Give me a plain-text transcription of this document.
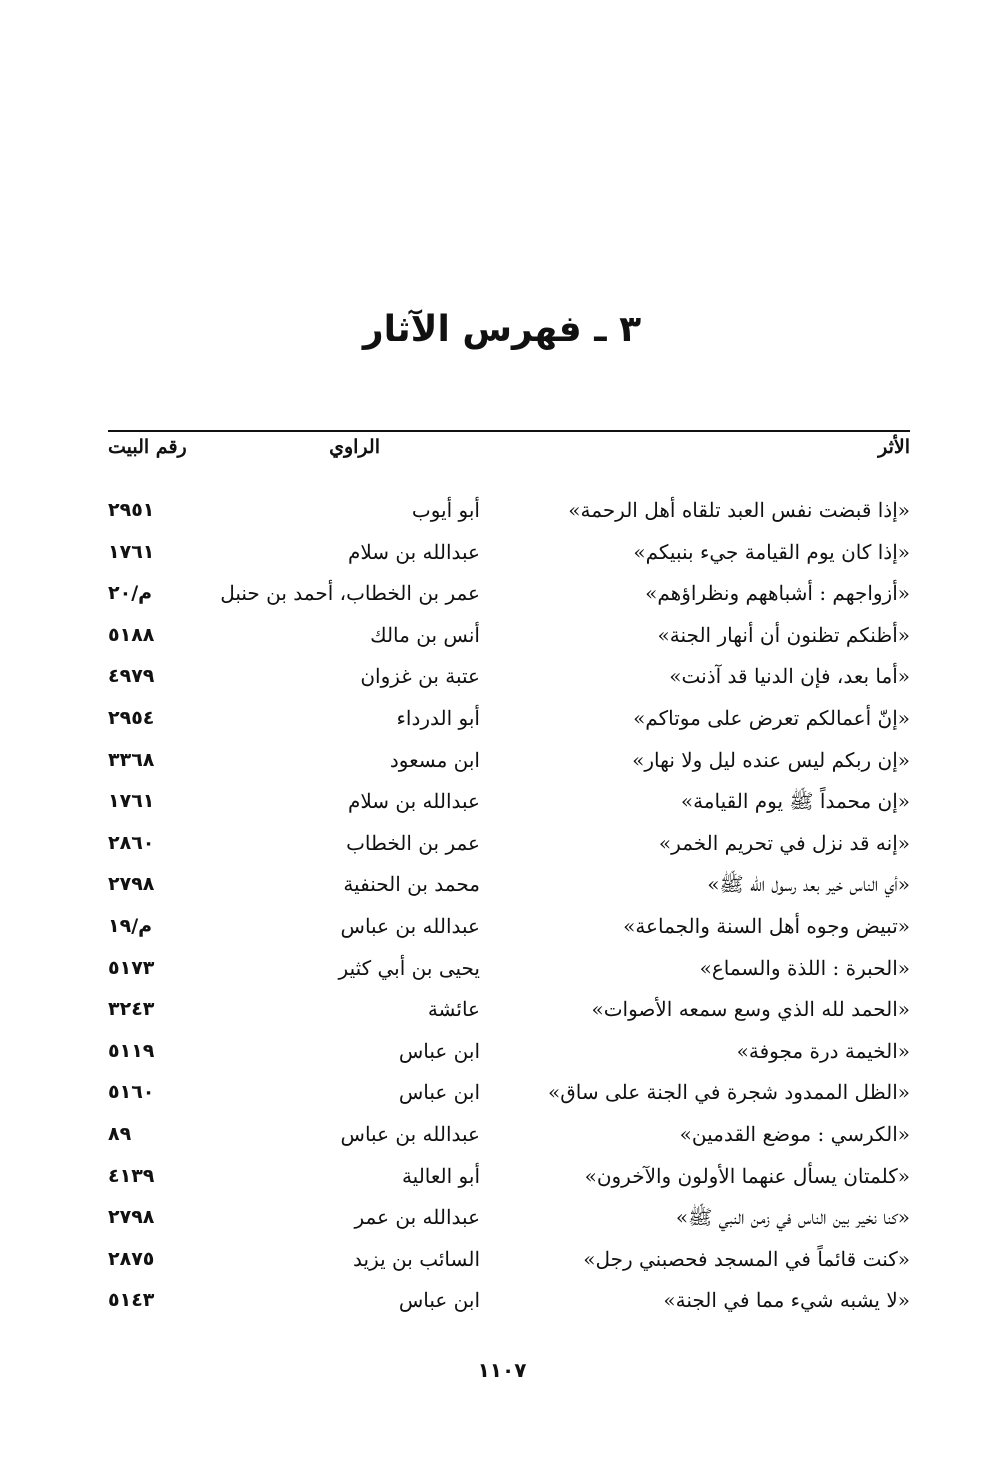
٣ ـ فهرس الآثار
الأثر
الراوي
رقم البيت
«إذا قبضت نفس العبد تلقاه أهل الرحمة»
أبو أيوب
٢٩٥١
«إذا كان يوم القيامة جيء بنبيكم»
عبدالله بن سلام
١٧٦١
«أزواجهم : أشباههم ونظراؤهم»
عمر بن الخطاب، أحمد بن حنبل
م/٢٠
«أظنكم تظنون أن أنهار الجنة»
أنس بن مالك
٥١٨٨
«أما بعد، فإن الدنيا قد آذنت»
عتبة بن غزوان
٤٩٧٩
«إنّ أعمالكم تعرض على موتاكم»
أبو الدرداء
٢٩٥٤
«إن ربكم ليس عنده ليل ولا نهار»
ابن مسعود
٣٣٦٨
«إن محمداً ﷺ يوم القيامة»
عبدالله بن سلام
١٧٦١
«إنه قد نزل في تحريم الخمر»
عمر بن الخطاب
٢٨٦٠
«أي الناس خير بعد رسول الله ﷺ»
محمد بن الحنفية
٢٧٩٨
«تبيض وجوه أهل السنة والجماعة»
عبدالله بن عباس
م/١٩
«الحبرة : اللذة والسماع»
يحيى بن أبي كثير
٥١٧٣
«الحمد لله الذي وسع سمعه الأصوات»
عائشة
٣٢٤٣
«الخيمة درة مجوفة»
ابن عباس
٥١١٩
«الظل الممدود شجرة في الجنة على ساق»
ابن عباس
٥١٦٠
«الكرسي : موضع القدمين»
عبدالله بن عباس
٨٩
«كلمتان يسأل عنهما الأولون والآخرون»
أبو العالية
٤١٣٩
«كنا نخير بين الناس في زمن النبي ﷺ»
عبدالله بن عمر
٢٧٩٨
«كنت قائماً في المسجد فحصبني رجل»
السائب بن يزيد
٢٨٧٥
«لا يشبه شيء مما في الجنة»
ابن عباس
٥١٤٣
١١٠٧
